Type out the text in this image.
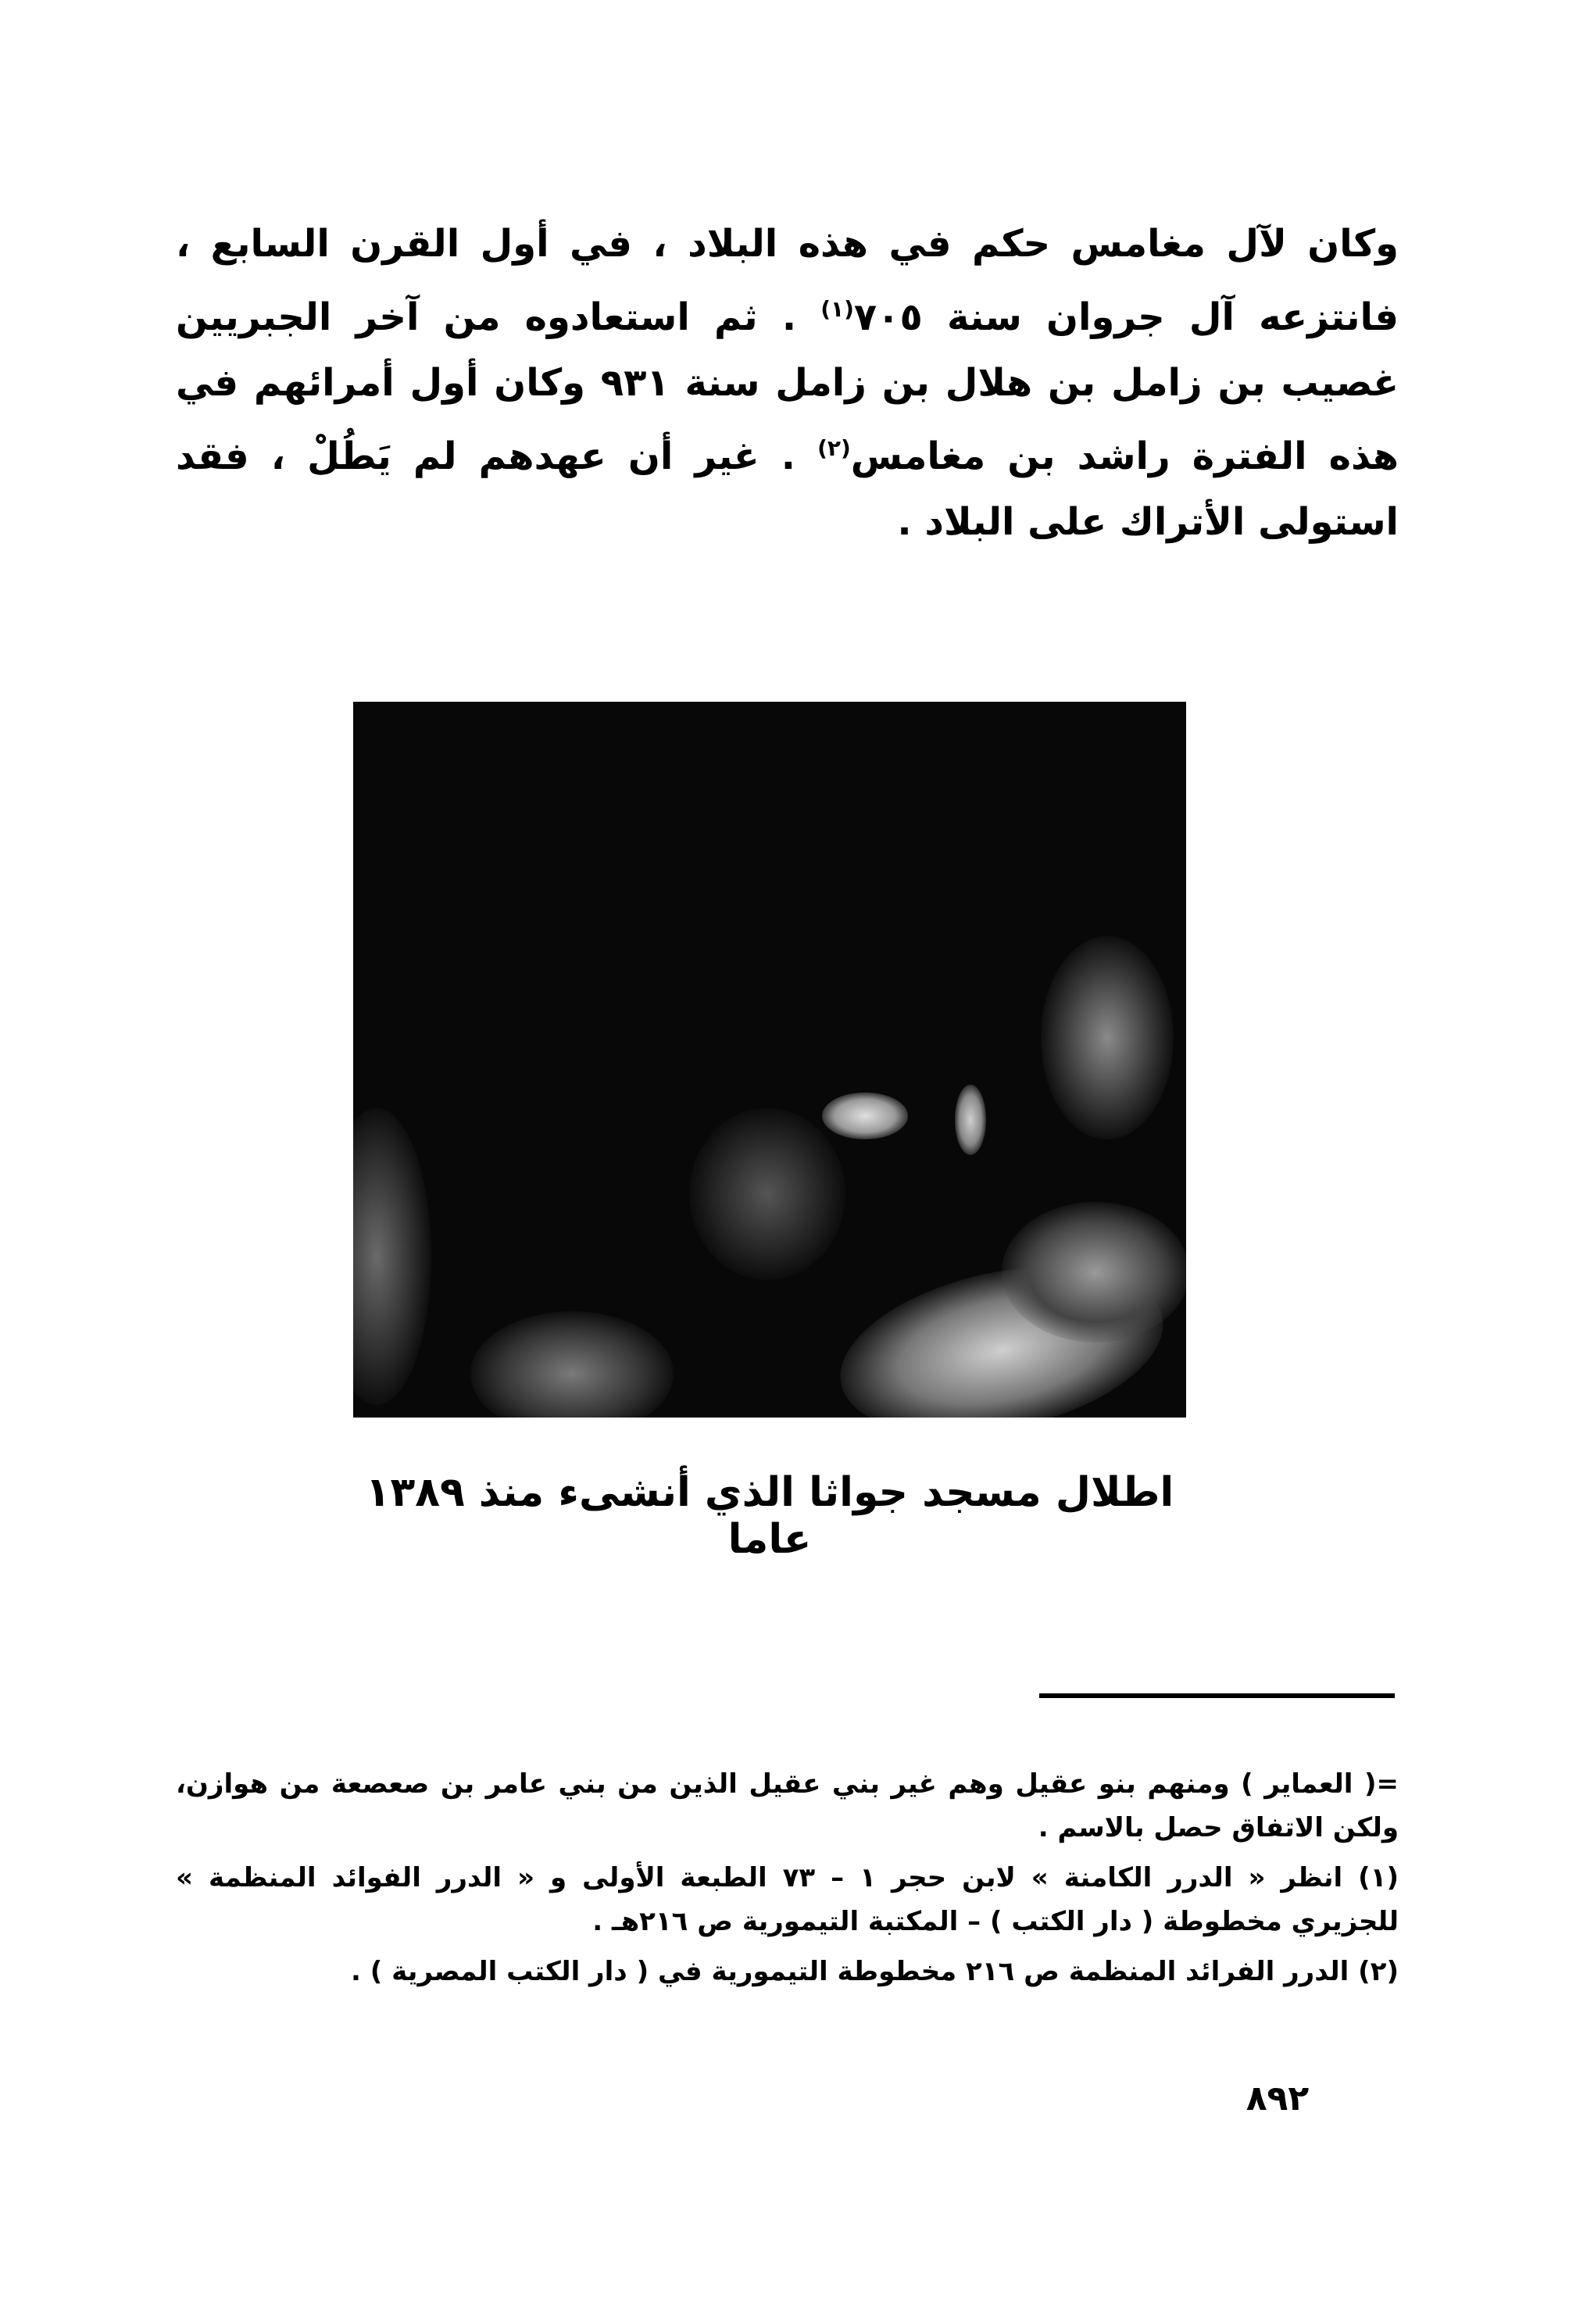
وكان لآل مغامس حكم في هذه البلاد ، في أول القرن السابع ، فانتزعه آل جروان سنة ٧٠٥$^{(١)}$ . ثم استعادوه من آخر الجبريين غصيب بن زامل بن هلال بن زامل سنة ٩٣١ وكان أول أمرائهم في هذه الفترة راشد بن مغامس$^{(٢)}$ . غير أن عهدهم لم يَطُلْ ، فقد استولى الأتراك على البلاد .

اطلال مسجد جواثا الذي أنشىء منذ ١٣٨٩ عاما

=( العماير ) ومنهم بنو عقيل وهم غير بني عقيل الذين من بني عامر بن صعصعة من هوازن، ولكن الاتفاق حصل بالاسم .

(١) انظر « الدرر الكامنة » لابن حجر ١ – ٧٣ الطبعة الأولى و « الدرر الفوائد المنظمة » للجزيري مخطوطة ( دار الكتب ) – المكتبة التيمورية ص ٢١٦هـ .

(٢) الدرر الفرائد المنظمة ص ٢١٦ مخطوطة التيمورية في ( دار الكتب المصرية ) .

٨٩٢
